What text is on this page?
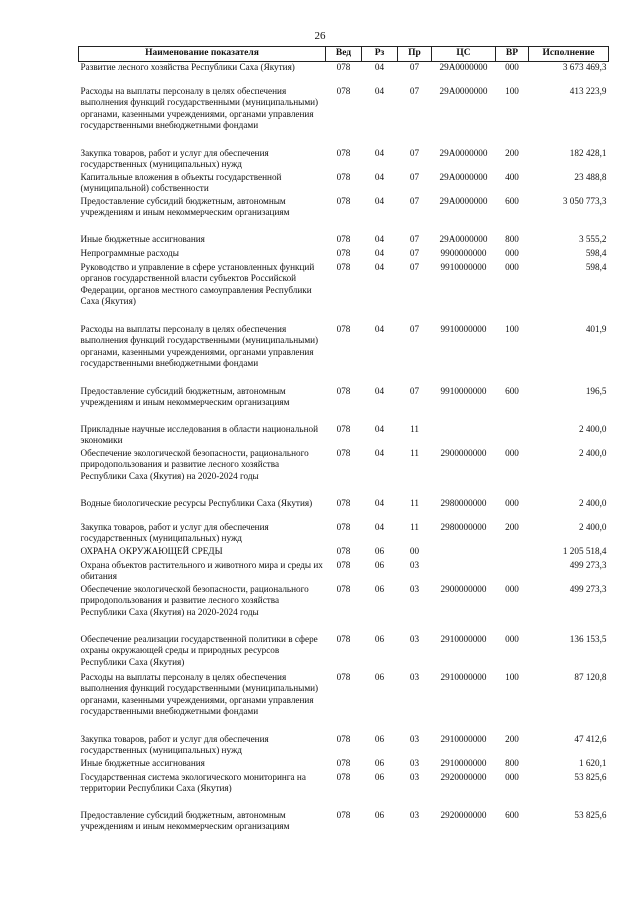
26
Наименование показателя	Вед	Рз	Пр	ЦС	ВР	Исполнение
Развитие лесного хозяйства Республики Саха (Якутия)	078	04	07	29А0000000	000	3 673 469,3
Расходы на выплаты персоналу в целях обеспечения выполнения функций государственными (муниципальными) органами, казенными учреждениями, органами управления государственными внебюджетными фондами	078	04	07	29А0000000	100	413 223,9
Закупка товаров, работ и услуг для обеспечения государственных (муниципальных) нужд	078	04	07	29А0000000	200	182 428,1
Капитальные вложения в объекты государственной (муниципальной) собственности	078	04	07	29А0000000	400	23 488,8
Предоставление субсидий бюджетным, автономным учреждениям и иным некоммерческим организациям	078	04	07	29А0000000	600	3 050 773,3
Иные бюджетные ассигнования	078	04	07	29А0000000	800	3 555,2
Непрограммные расходы	078	04	07	9900000000	000	598,4
Руководство и управление в сфере установленных функций органов государственной власти субъектов Российской Федерации, органов местного самоуправления Республики Саха (Якутия)	078	04	07	9910000000	000	598,4
Расходы на выплаты персоналу в целях обеспечения выполнения функций государственными (муниципальными) органами, казенными учреждениями, органами управления государственными внебюджетными фондами	078	04	07	9910000000	100	401,9
Предоставление субсидий бюджетным, автономным учреждениям и иным некоммерческим организациям	078	04	07	9910000000	600	196,5
Прикладные научные исследования в области национальной экономики	078	04	11			2 400,0
Обеспечение экологической безопасности, рационального природопользования и развитие лесного хозяйства Республики Саха (Якутия) на 2020-2024 годы	078	04	11	2900000000	000	2 400,0
Водные биологические ресурсы Республики Саха (Якутия)	078	04	11	2980000000	000	2 400,0
Закупка товаров, работ и услуг для обеспечения государственных (муниципальных) нужд	078	04	11	2980000000	200	2 400,0
ОХРАНА ОКРУЖАЮЩЕЙ СРЕДЫ	078	06	00			1 205 518,4
Охрана объектов растительного и животного мира и среды их обитания	078	06	03			499 273,3
Обеспечение экологической безопасности, рационального природопользования и развитие лесного хозяйства Республики Саха (Якутия) на 2020-2024 годы	078	06	03	2900000000	000	499 273,3
Обеспечение реализации государственной политики в сфере охраны окружающей среды и природных ресурсов Республики Саха (Якутия)	078	06	03	2910000000	000	136 153,5
Расходы на выплаты персоналу в целях обеспечения выполнения функций государственными (муниципальными) органами, казенными учреждениями, органами управления государственными внебюджетными фондами	078	06	03	2910000000	100	87 120,8
Закупка товаров, работ и услуг для обеспечения государственных (муниципальных) нужд	078	06	03	2910000000	200	47 412,6
Иные бюджетные ассигнования	078	06	03	2910000000	800	1 620,1
Государственная система экологического мониторинга на территории Республики Саха (Якутия)	078	06	03	2920000000	000	53 825,6
Предоставление субсидий бюджетным, автономным учреждениям и иным некоммерческим организациям	078	06	03	2920000000	600	53 825,6
